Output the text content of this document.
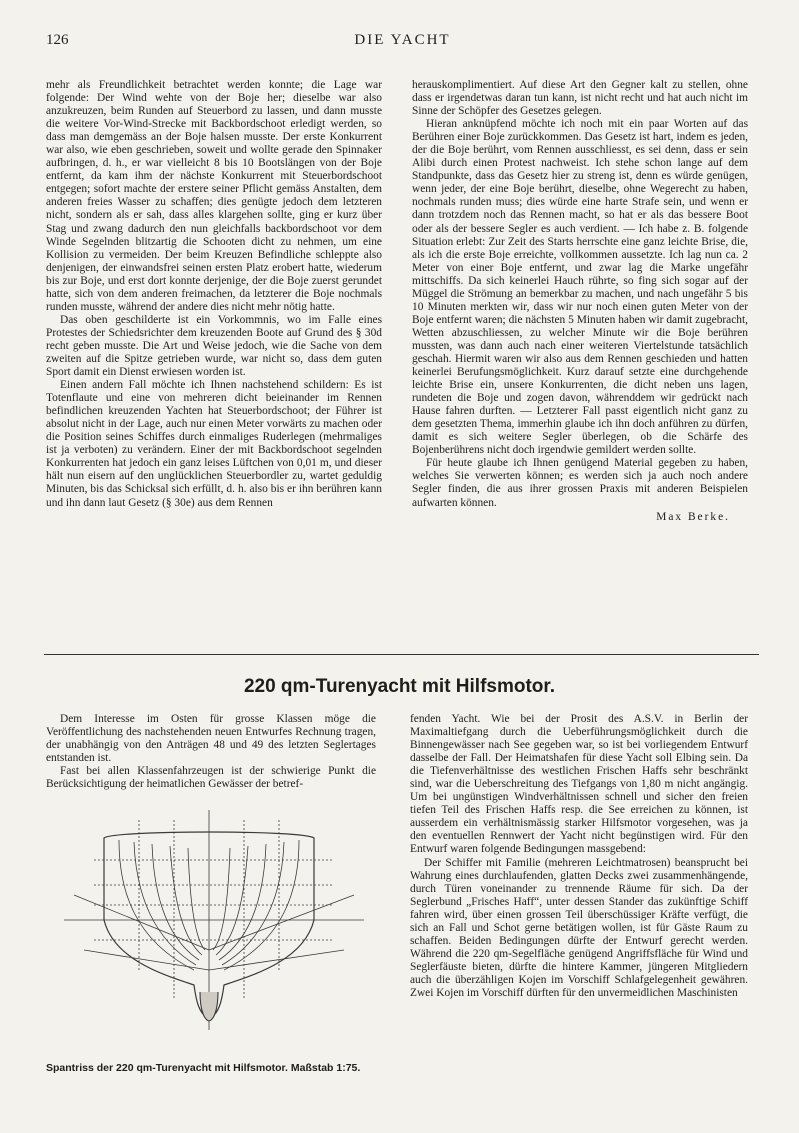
126	DIE YACHT

mehr als Freundlichkeit betrachtet werden konnte; die Lage war folgende: Der Wind wehte von der Boje her; dieselbe war also anzukreuzen, beim Runden auf Steuerbord zu lassen, und dann musste die weitere Vor-Wind-Strecke mit Backbordschoot erledigt werden, so dass man demgemäss an der Boje halsen musste. Der erste Konkurrent war also, wie eben geschrieben, soweit und wollte gerade den Spinnaker aufbringen, d. h., er war vielleicht 8 bis 10 Bootslängen von der Boje entfernt, da kam ihm der nächste Konkurrent mit Steuerbordschoot entgegen; sofort machte der erstere seiner Pflicht gemäss Anstalten, dem anderen freies Wasser zu schaffen; dies genügte jedoch dem letzteren nicht, sondern als er sah, dass alles klargehen sollte, ging er kurz über Stag und zwang dadurch den nun gleichfalls backbordschoot vor dem Winde Segelnden blitzartig die Schooten dicht zu nehmen, um eine Kollision zu vermeiden. Der beim Kreuzen Befindliche schleppte also denjenigen, der einwandsfrei seinen ersten Platz erobert hatte, wiederum bis zur Boje, und erst dort konnte derjenige, der die Boje zuerst gerundet hatte, sich von dem anderen freimachen, da letzterer die Boje nochmals runden musste, während der andere dies nicht mehr nötig hatte.

Das oben geschilderte ist ein Vorkommnis, wo im Falle eines Protestes der Schiedsrichter dem kreuzenden Boote auf Grund des § 30d recht geben musste. Die Art und Weise jedoch, wie die Sache von dem zweiten auf die Spitze getrieben wurde, war nicht so, dass dem guten Sport damit ein Dienst erwiesen worden ist.

Einen andern Fall möchte ich Ihnen nachstehend schildern: Es ist Totenflaute und eine von mehreren dicht beieinander im Rennen befindlichen kreuzenden Yachten hat Steuerbordschoot; der Führer ist absolut nicht in der Lage, auch nur einen Meter vorwärts zu machen oder die Position seines Schiffes durch einmaliges Ruderlegen (mehrmaliges ist ja verboten) zu verändern. Einer der mit Backbordschoot segelnden Konkurrenten hat jedoch ein ganz leises Lüftchen von 0,01 m, und dieser hält nun eisern auf den unglücklichen Steuerbordler zu, wartet geduldig Minuten, bis das Schicksal sich erfüllt, d. h. also bis er ihn berühren kann und ihn dann laut Gesetz (§ 30e) aus dem Rennen

herauskomplimentiert. Auf diese Art den Gegner kalt zu stellen, ohne dass er irgendetwas daran tun kann, ist nicht recht und hat auch nicht im Sinne der Schöpfer des Gesetzes gelegen.

Hieran anknüpfend möchte ich noch mit ein paar Worten auf das Berühren einer Boje zurückkommen. Das Gesetz ist hart, indem es jeden, der die Boje berührt, vom Rennen ausschliesst, es sei denn, dass er sein Alibi durch einen Protest nachweist. Ich stehe schon lange auf dem Standpunkte, dass das Gesetz hier zu streng ist, denn es würde genügen, wenn jeder, der eine Boje berührt, dieselbe, ohne Wegerecht zu haben, nochmals runden muss; dies würde eine harte Strafe sein, und wenn er dann trotzdem noch das Rennen macht, so hat er als das bessere Boot oder als der bessere Segler es auch verdient. — Ich habe z. B. folgende Situation erlebt: Zur Zeit des Starts herrschte eine ganz leichte Brise, die, als ich die erste Boje erreichte, vollkommen aussetzte. Ich lag nun ca. 2 Meter von einer Boje entfernt, und zwar lag die Marke ungefähr mittschiffs. Da sich keinerlei Hauch rührte, so fing sich sogar auf der Müggel die Strömung an bemerkbar zu machen, und nach ungefähr 5 bis 10 Minuten merkten wir, dass wir nur noch einen guten Meter von der Boje entfernt waren; die nächsten 5 Minuten haben wir damit zugebracht, Wetten abzuschliessen, zu welcher Minute wir die Boje berühren mussten, was dann auch nach einer weiteren Viertelstunde tatsächlich geschah. Hiermit waren wir also aus dem Rennen geschieden und hatten keinerlei Berufungsmöglichkeit. Kurz darauf setzte eine durchgehende leichte Brise ein, unsere Konkurrenten, die dicht neben uns lagen, rundeten die Boje und zogen davon, währenddem wir gedrückt nach Hause fahren durften. — Letzterer Fall passt eigentlich nicht ganz zu dem gesetzten Thema, immerhin glaube ich ihn doch anführen zu dürfen, damit es sich weitere Segler überlegen, ob die Schärfe des Bojenberührens nicht doch irgendwie gemildert werden sollte.

Für heute glaube ich Ihnen genügend Material gegeben zu haben, welches Sie verwerten können; es werden sich ja auch noch andere Segler finden, die aus ihrer grossen Praxis mit anderen Beispielen aufwarten können.

Max Berke.
220 qm-Turenyacht mit Hilfsmotor.

Dem Interesse im Osten für grosse Klassen möge die Veröffentlichung des nachstehenden neuen Entwurfes Rechnung tragen, der unabhängig von den Anträgen 48 und 49 des letzten Seglertages entstanden ist.

Fast bei allen Klassenfahrzeugen ist der schwierige Punkt die Berücksichtigung der heimatlichen Gewässer der betref-

Spantriss der 220 qm-Turenyacht mit Hilfsmotor. Maßstab 1:75.

fenden Yacht. Wie bei der Prosit des A.S.V. in Berlin der Maximaltiefgang durch die Ueberführungsmöglichkeit durch die Binnengewässer nach See gegeben war, so ist bei vorliegendem Entwurf dasselbe der Fall. Der Heimatshafen für diese Yacht soll Elbing sein. Da die Tiefenverhältnisse des westlichen Frischen Haffs sehr beschränkt sind, war die Ueberschreitung des Tiefgangs von 1,80 m nicht angängig. Um bei ungünstigen Windverhältnissen schnell und sicher den freien tiefen Teil des Frischen Haffs resp. die See erreichen zu können, ist ausserdem ein verhältnismässig starker Hilfsmotor vorgesehen, was ja den eventuellen Rennwert der Yacht nicht begünstigen wird. Für den Entwurf waren folgende Bedingungen massgebend:

Der Schiffer mit Familie (mehreren Leichtmatrosen) beansprucht bei Wahrung eines durchlaufenden, glatten Decks zwei zusammenhängende, durch Türen voneinander zu trennende Räume für sich. Da der Seglerbund „Frisches Haff“, unter dessen Stander das zukünftige Schiff fahren wird, über einen grossen Teil überschüssiger Kräfte verfügt, die sich an Fall und Schot gerne betätigen wollen, ist für Gäste Raum zu schaffen. Beiden Bedingungen dürfte der Entwurf gerecht werden. Während die 220 qm-Segelfläche genügend Angriffsfläche für Wind und Seglerfäuste bieten, dürfte die hintere Kammer, jüngeren Mitgliedern auch die überzähligen Kojen im Vorschiff Schlafgelegenheit gewähren. Zwei Kojen im Vorschiff dürften für den unvermeidlichen Maschinisten
